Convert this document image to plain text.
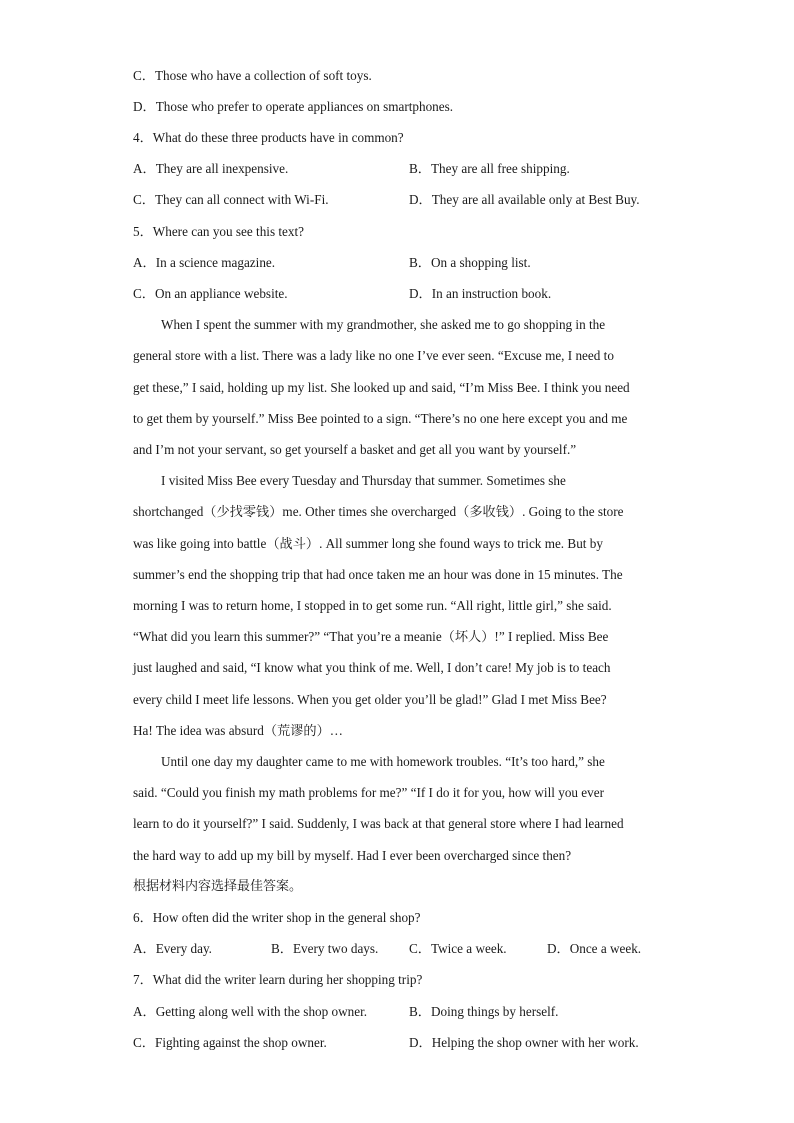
C．Those who have a collection of soft toys.
D．Those who prefer to operate appliances on smartphones.
4．What do these three products have in common?
A．They are all inexpensive.	B．They are all free shipping.
C．They can all connect with Wi-Fi.	D．They are all available only at Best Buy.
5．Where can you see this text?
A．In a science magazine.	B．On a shopping list.
C．On an appliance website.	D．In an instruction book.
When I spent the summer with my grandmother, she asked me to go shopping in the
general store with a list. There was a lady like no one I’ve ever seen. “Excuse me, I need to
get these,” I said, holding up my list. She looked up and said, “I’m Miss Bee. I think you need
to get them by yourself.” Miss Bee pointed to a sign. “There’s no one here except you and me
and I’m not your servant, so get yourself a basket and get all you want by yourself.”
I visited Miss Bee every Tuesday and Thursday that summer. Sometimes she
shortchanged（少找零钱）me. Other times she overcharged（多收钱）. Going to the store
was like going into battle（战斗）. All summer long she found ways to trick me. But by
summer’s end the shopping trip that had once taken me an hour was done in 15 minutes. The
morning I was to return home, I stopped in to get some run. “All right, little girl,” she said.
“What did you learn this summer?” “That you’re a meanie（坏人）!” I replied. Miss Bee
just laughed and said, “I know what you think of me. Well, I don’t care! My job is to teach
every child I meet life lessons. When you get older you’ll be glad!” Glad I met Miss Bee?
Ha! The idea was absurd（荒谬的）…
Until one day my daughter came to me with homework troubles. “It’s too hard,” she
said. “Could you finish my math problems for me?” “If I do it for you, how will you ever
learn to do it yourself?” I said. Suddenly, I was back at that general store where I had learned
the hard way to add up my bill by myself. Had I ever been overcharged since then?
根据材料内容选择最佳答案。
6．How often did the writer shop in the general shop?
A．Every day.	B．Every two days. C．Twice a week.	D．Once a week.
7．What did the writer learn during her shopping trip?
A．Getting along well with the shop owner.	B．Doing things by herself.
C．Fighting against the shop owner.	D．Helping the shop owner with her work.
